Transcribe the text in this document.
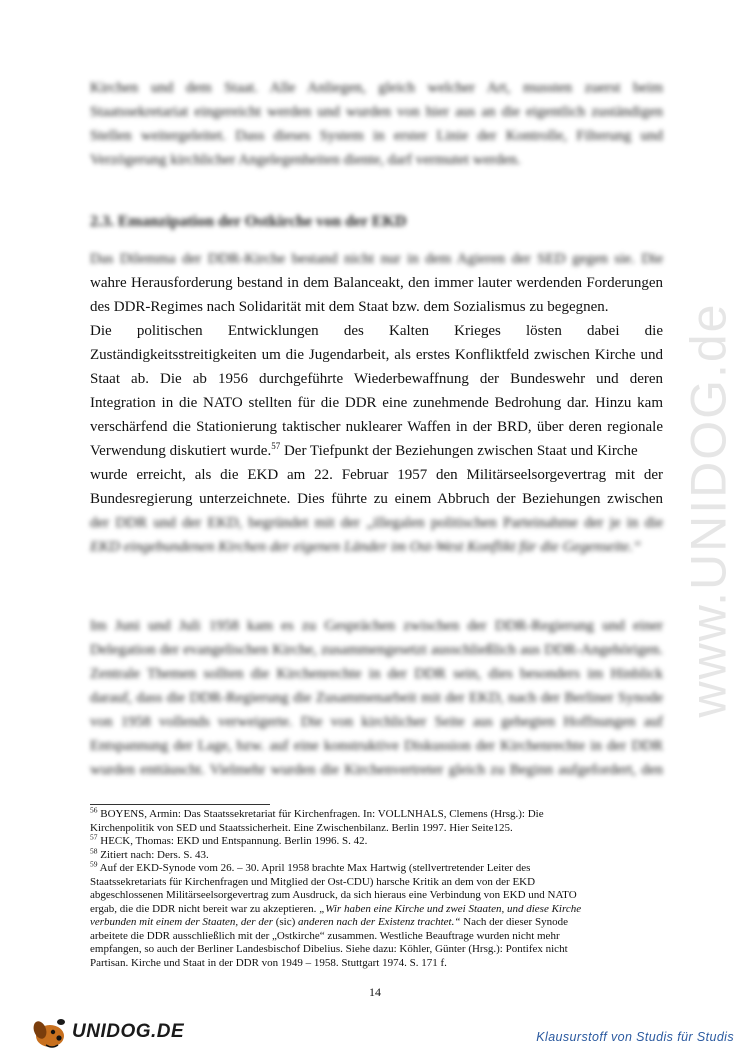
www.UNIDOG.de
Kirchen und dem Staat. Alle Anliegen, gleich welcher Art, mussten zuerst beim
Staatssekretariat eingereicht werden und wurden von hier aus an die eigentlich zuständigen
Stellen weitergeleitet. Dass dieses System in erster Linie der Kontrolle, Filterung und
Verzögerung kirchlicher Angelegenheiten diente, darf vermutet werden.
2.3. Emanzipation der Ostkirche von der EKD
Das Dilemma der DDR-Kirche bestand nicht nur in dem Agieren der SED gegen sie. Die
wahre Herausforderung bestand in dem Balanceakt, den immer lauter werdenden Forderungen
des DDR-Regimes nach Solidarität mit dem Staat bzw. dem Sozialismus zu begegnen.
Die politischen Entwicklungen des Kalten Krieges lösten dabei die
Zuständigkeitsstreitigkeiten um die Jugendarbeit, als erstes Konfliktfeld zwischen Kirche und
Staat ab. Die ab 1956 durchgeführte Wiederbewaffnung der Bundeswehr und deren
Integration in die NATO stellten für die DDR eine zunehmende Bedrohung dar. Hinzu kam
verschärfend die Stationierung taktischer nuklearer Waffen in der BRD, über deren regionale
Verwendung diskutiert wurde.$^{57}$ Der Tiefpunkt der Beziehungen zwischen Staat und Kirche
wurde erreicht, als die EKD am 22. Februar 1957 den Militärseelsorgevertrag mit der
Bundesregierung unterzeichnete. Dies führte zu einem Abbruch der Beziehungen zwischen
der DDR und der EKD, begründet mit der „illegalen politischen Parteinahme der je in die
EKD eingebundenen Kirchen der eigenen Länder im Ost-West Konflikt für die Gegenseite.“
Im Juni und Juli 1958 kam es zu Gesprächen zwischen der DDR-Regierung und einer
Delegation der evangelischen Kirche, zusammengesetzt ausschließlich aus DDR-Angehörigen.
Zentrale Themen sollten die Kirchenrechte in der DDR sein, dies besonders im Hinblick
darauf, dass die DDR-Regierung die Zusammenarbeit mit der EKD, nach der Berliner Synode
von 1958 vollends verweigerte. Die von kirchlicher Seite aus gehegten Hoffnungen auf
Entspannung der Lage, bzw. auf eine konstruktive Diskussion der Kirchenrechte in der DDR
wurden enttäuscht. Vielmehr wurden die Kirchenvertreter gleich zu Beginn aufgefordert, den
$^{56}$ BOYENS, Armin: Das Staatssekretariat für Kirchenfragen. In: VOLLNHALS, Clemens (Hrsg.): Die
Kirchenpolitik von SED und Staatssicherheit. Eine Zwischenbilanz. Berlin 1997. Hier Seite125.
$^{57}$ HECK, Thomas: EKD und Entspannung. Berlin 1996. S. 42.
$^{58}$ Zitiert nach: Ders. S. 43.
$^{59}$ Auf der EKD-Synode vom 26. – 30. April 1958 brachte Max Hartwig (stellvertretender Leiter des
Staatssekretariats für Kirchenfragen und Mitglied der Ost-CDU) harsche Kritik an dem von der EKD
abgeschlossenen Militärseelsorgevertrag zum Ausdruck, da sich hieraus eine Verbindung von EKD und NATO
ergab, die die DDR nicht bereit war zu akzeptieren. „Wir haben eine Kirche und zwei Staaten, und diese Kirche
verbunden mit einem der Staaten, der der (sic) anderen nach der Existenz trachtet.“ Nach der dieser Synode
arbeitete die DDR ausschließlich mit der „Ostkirche“ zusammen. Westliche Beauftrage wurden nicht mehr
empfangen, so auch der Berliner Landesbischof Dibelius. Siehe dazu: Köhler, Günter (Hrsg.): Pontifex nicht
Partisan. Kirche und Staat in der DDR von 1949 – 1958. Stuttgart 1974. S. 171 f.
14
UNIDOG.DE	Klausurstoff von Studis für Studis
